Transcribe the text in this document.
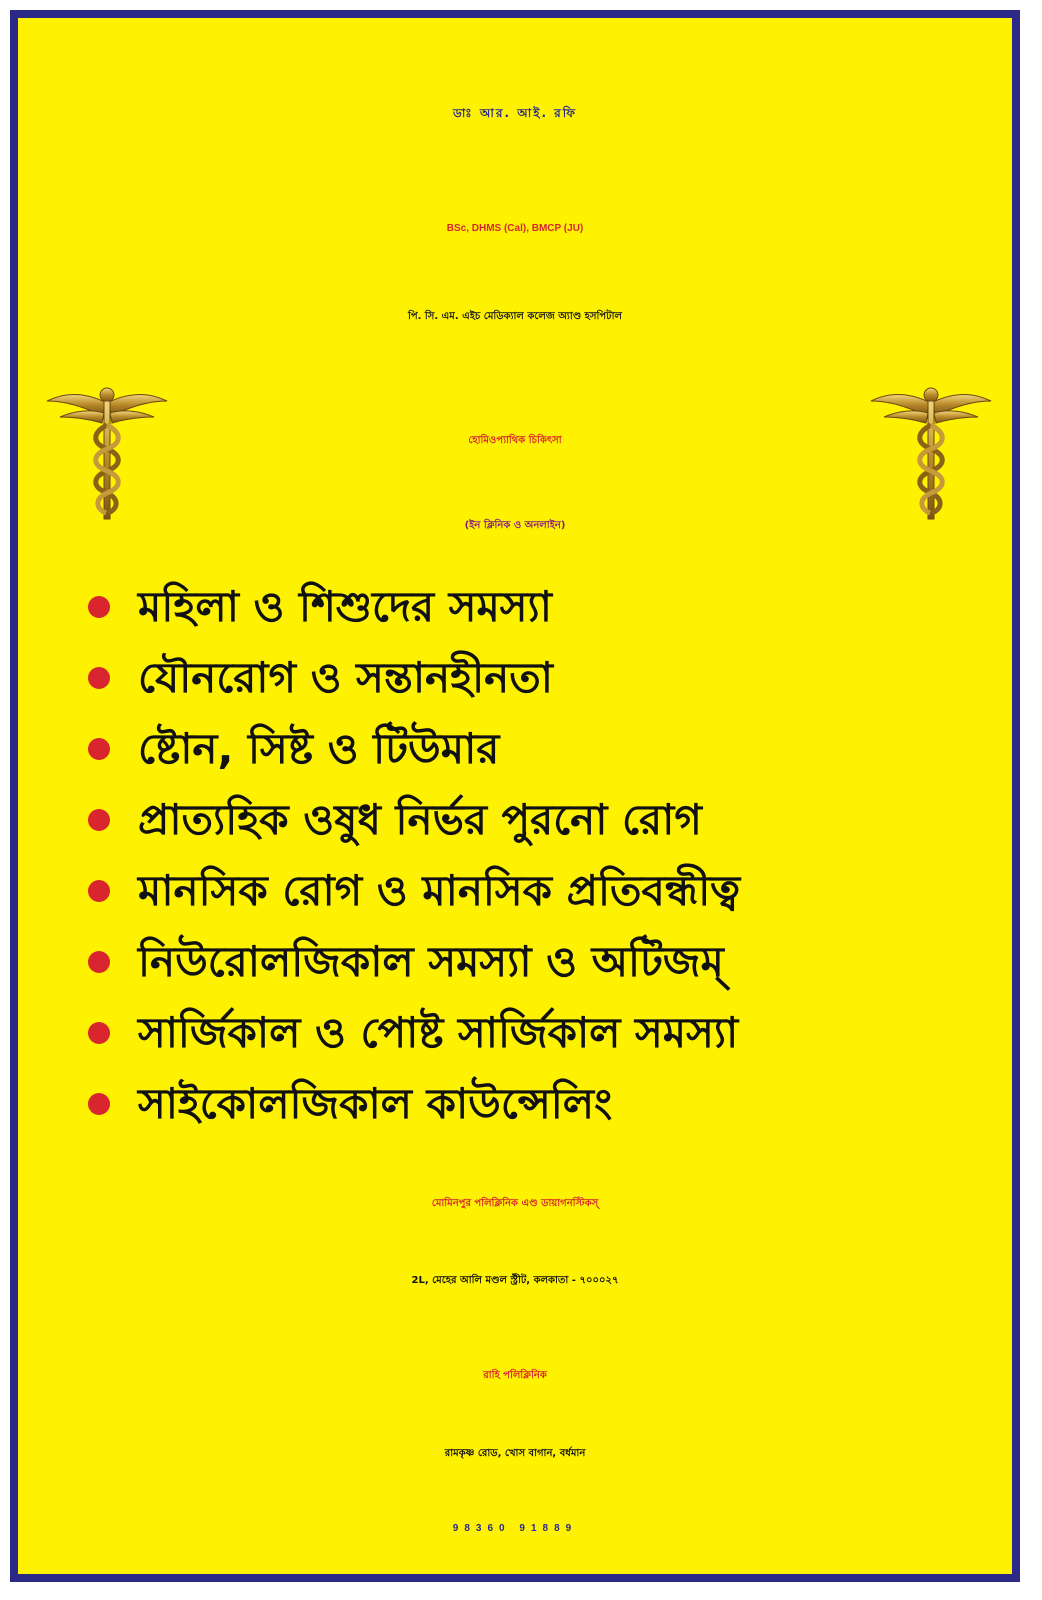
ডাঃ আর. আই. রফি
BSc, DHMS (Cal), BMCP (JU)
পি. সি. এম. এইচ মেডিক্যাল কলেজ অ্যাণ্ড হসপিটাল
হোমিওপ্যাথিক চিকিৎসা
(ইন ক্লিনিক ও অনলাইন)
মহিলা ও শিশুদের সমস্যা
যৌনরোগ ও সন্তানহীনতা
ষ্টোন, সিষ্ট ও টিউমার
প্রাত্যহিক ওষুধ নির্ভর পুরনো রোগ
মানসিক রোগ ও মানসিক প্রতিবন্ধীত্ব
নিউরোলজিকাল সমস্যা ও অটিজম্
সার্জিকাল ও পোষ্ট সার্জিকাল সমস্যা
সাইকোলজিকাল কাউন্সেলিং
মোমিনপুর পলিক্লিনিক এণ্ড ডায়াগনস্টিকস্
2L, মেহের আলি মণ্ডল স্ট্রীট, কলকাতা - ৭০০০২৭
রাহি পলিক্লিনিক
রামকৃষ্ণ রোড, খোস বাগান, বর্ধমান
98360 91889
